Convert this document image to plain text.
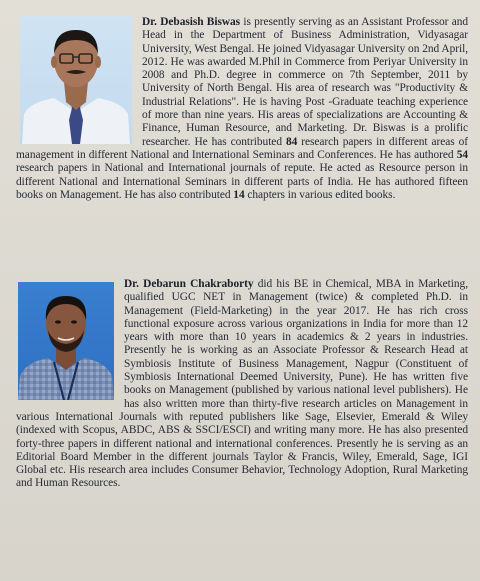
Dr. Debasish Biswas is presently serving as an Assistant Professor and Head in the Department of Business Administration, Vidyasagar University, West Bengal. He joined Vidyasagar University on 2nd April, 2012. He was awarded M.Phil in Commerce from Periyar University in 2008 and Ph.D. degree in commerce on 7th September, 2011 by University of North Bengal. His area of research was "Productivity & Industrial Relations". He is having Post -Graduate teaching experience of more than nine years. His areas of specializations are Accounting & Finance, Human Resource, and Marketing. Dr. Biswas is a prolific researcher. He has contributed 84 research papers in different areas of management in different National and International Seminars and Conferences. He has authored 54 research papers in National and International journals of repute. He acted as Resource person in different National and International Seminars in different parts of India. He has authored fifteen books on Management. He has also contributed 14 chapters in various edited books.

Dr. Debarun Chakraborty did his BE in Chemical, MBA in Marketing, qualified UGC NET in Management (twice) & completed Ph.D. in Management (Field-Marketing) in the year 2017. He has rich cross functional exposure across various organizations in India for more than 12 years with more than 10 years in academics & 2 years in industries. Presently he is working as an Associate Professor & Research Head at Symbiosis Institute of Business Management, Nagpur (Constituent of Symbiosis International Deemed University, Pune). He has written five books on Management (published by various national level publishers). He has also written more than thirty-five research articles on Management in various International Journals with reputed publishers like Sage, Elsevier, Emerald & Wiley (indexed with Scopus, ABDC, ABS & SSCI/ESCI) and writing many more. He has also presented forty-three papers in different national and international conferences. Presently he is serving as an Editorial Board Member in the different journals Taylor & Francis, Wiley, Emerald, Sage, IGI Global etc. His research area includes Consumer Behavior, Technology Adoption, Rural Marketing and Human Resources.
